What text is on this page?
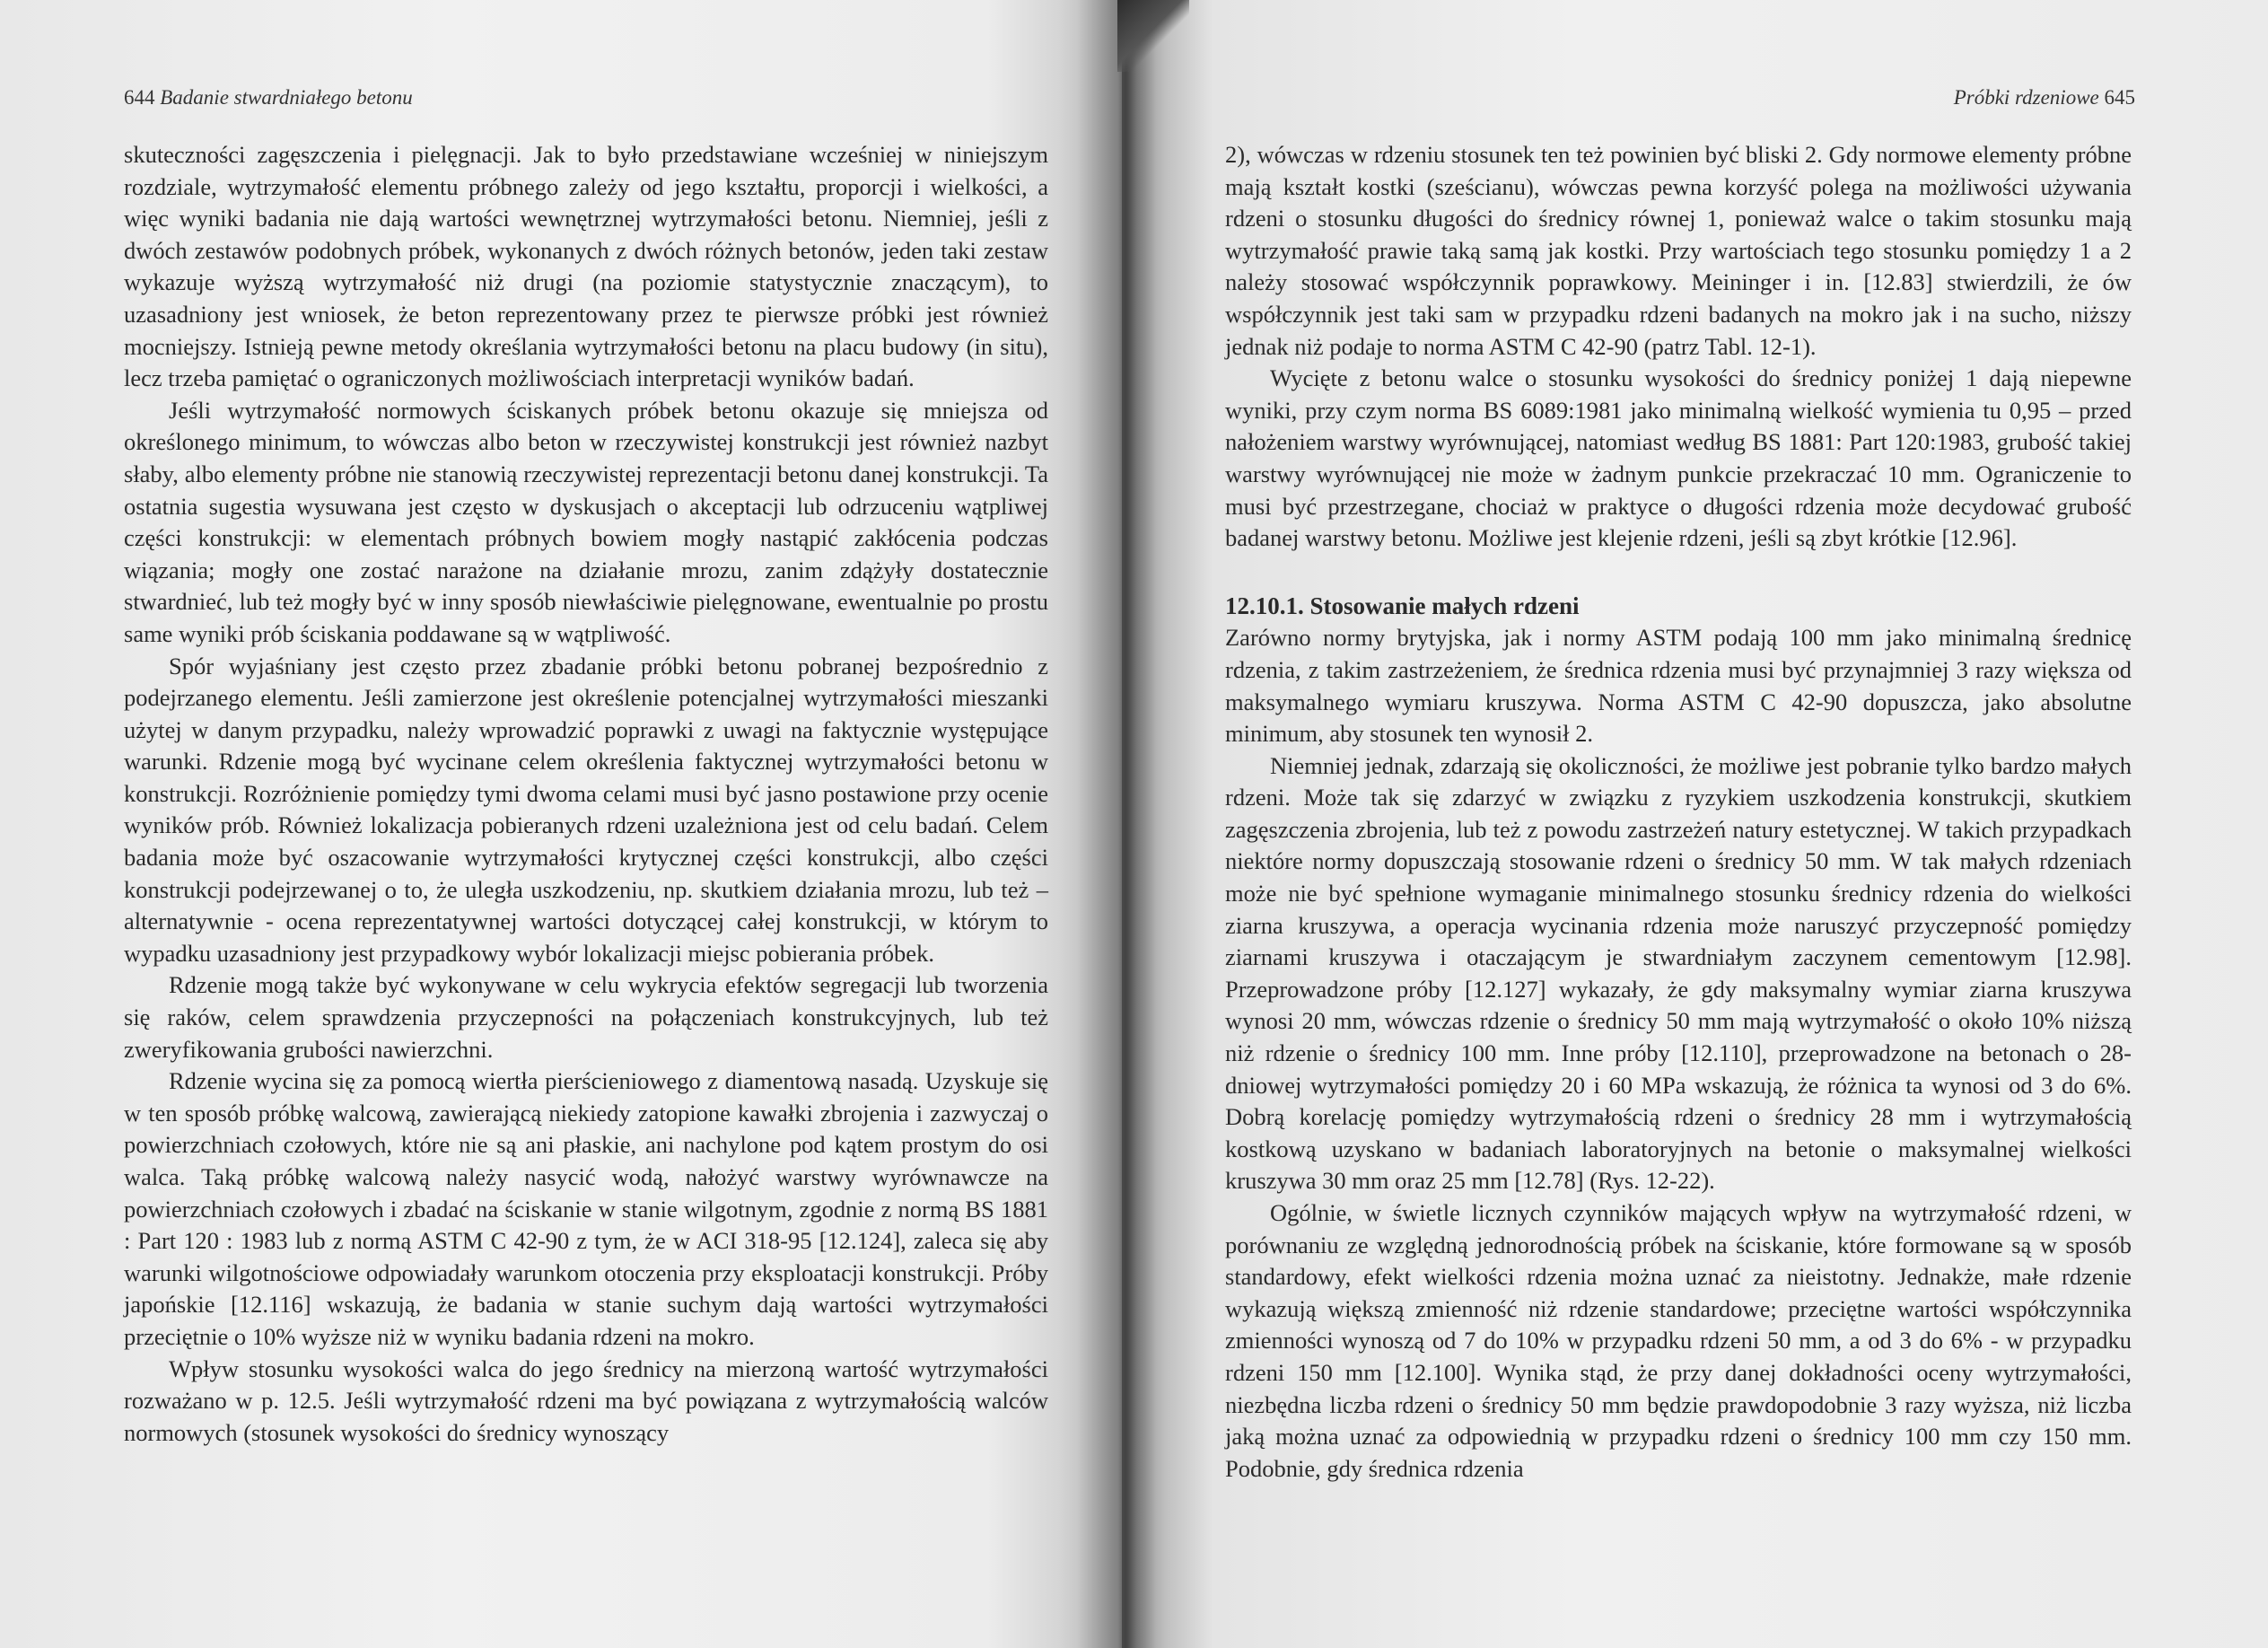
644 Badanie stwardniałego betonu

skuteczności zagęszczenia i pielęgnacji. Jak to było przedstawiane wcześniej w niniejszym rozdziale, wytrzymałość elementu próbnego zależy od jego kształtu, proporcji i wielkości, a więc wyniki badania nie dają wartości wewnętrznej wytrzymałości betonu. Niemniej, jeśli z dwóch zestawów podobnych próbek, wykonanych z dwóch różnych betonów, jeden taki zestaw wykazuje wyższą wytrzymałość niż drugi (na poziomie statystycznie znaczącym), to uzasadniony jest wniosek, że beton reprezentowany przez te pierwsze próbki jest również mocniejszy. Istnieją pewne metody określania wytrzymałości betonu na placu budowy (in situ), lecz trzeba pamiętać o ograniczonych możliwościach interpretacji wyników badań.

Jeśli wytrzymałość normowych ściskanych próbek betonu okazuje się mniejsza od określonego minimum, to wówczas albo beton w rzeczywistej konstrukcji jest również nazbyt słaby, albo elementy próbne nie stanowią rzeczywistej reprezentacji betonu danej konstrukcji. Ta ostatnia sugestia wysuwana jest często w dyskusjach o akceptacji lub odrzuceniu wątpliwej części konstrukcji: w elementach próbnych bowiem mogły nastąpić zakłócenia podczas wiązania; mogły one zostać narażone na działanie mrozu, zanim zdążyły dostatecznie stwardnieć, lub też mogły być w inny sposób niewłaściwie pielęgnowane, ewentualnie po prostu same wyniki prób ściskania poddawane są w wątpliwość.

Spór wyjaśniany jest często przez zbadanie próbki betonu pobranej bezpośrednio z podejrzanego elementu. Jeśli zamierzone jest określenie potencjalnej wytrzymałości mieszanki użytej w danym przypadku, należy wprowadzić poprawki z uwagi na faktycznie występujące warunki. Rdzenie mogą być wycinane celem określenia faktycznej wytrzymałości betonu w konstrukcji. Rozróżnienie pomiędzy tymi dwoma celami musi być jasno postawione przy ocenie wyników prób. Również lokalizacja pobieranych rdzeni uzależniona jest od celu badań. Celem badania może być oszacowanie wytrzymałości krytycznej części konstrukcji, albo części konstrukcji podejrzewanej o to, że uległa uszkodzeniu, np. skutkiem działania mrozu, lub też – alternatywnie - ocena reprezentatywnej wartości dotyczącej całej konstrukcji, w którym to wypadku uzasadniony jest przypadkowy wybór lokalizacji miejsc pobierania próbek.

Rdzenie mogą także być wykonywane w celu wykrycia efektów segregacji lub tworzenia się raków, celem sprawdzenia przyczepności na połączeniach konstrukcyjnych, lub też zweryfikowania grubości nawierzchni.

Rdzenie wycina się za pomocą wiertła pierścieniowego z diamentową nasadą. Uzyskuje się w ten sposób próbkę walcową, zawierającą niekiedy zatopione kawałki zbrojenia i zazwyczaj o powierzchniach czołowych, które nie są ani płaskie, ani nachylone pod kątem prostym do osi walca. Taką próbkę walcową należy nasycić wodą, nałożyć warstwy wyrównawcze na powierzchniach czołowych i zbadać na ściskanie w stanie wilgotnym, zgodnie z normą BS 1881 : Part 120 : 1983 lub z normą ASTM C 42-90 z tym, że w ACI 318-95 [12.124], zaleca się aby warunki wilgotnościowe odpowiadały warunkom otoczenia przy eksploatacji konstrukcji. Próby japońskie [12.116] wskazują, że badania w stanie suchym dają wartości wytrzymałości przeciętnie o 10% wyższe niż w wyniku badania rdzeni na mokro.

Wpływ stosunku wysokości walca do jego średnicy na mierzoną wartość wytrzymałości rozważano w p. 12.5. Jeśli wytrzymałość rdzeni ma być powiązana z wytrzymałością walców normowych (stosunek wysokości do średnicy wynoszący

Próbki rdzeniowe 645

2), wówczas w rdzeniu stosunek ten też powinien być bliski 2. Gdy normowe elementy próbne mają kształt kostki (sześcianu), wówczas pewna korzyść polega na możliwości używania rdzeni o stosunku długości do średnicy równej 1, ponieważ walce o takim stosunku mają wytrzymałość prawie taką samą jak kostki. Przy wartościach tego stosunku pomiędzy 1 a 2 należy stosować współczynnik poprawkowy. Meininger i in. [12.83] stwierdzili, że ów współczynnik jest taki sam w przypadku rdzeni badanych na mokro jak i na sucho, niższy jednak niż podaje to norma ASTM C 42-90 (patrz Tabl. 12-1).

Wycięte z betonu walce o stosunku wysokości do średnicy poniżej 1 dają niepewne wyniki, przy czym norma BS 6089:1981 jako minimalną wielkość wymienia tu 0,95 – przed nałożeniem warstwy wyrównującej, natomiast według BS 1881: Part 120:1983, grubość takiej warstwy wyrównującej nie może w żadnym punkcie przekraczać 10 mm. Ograniczenie to musi być przestrzegane, chociaż w praktyce o długości rdzenia może decydować grubość badanej warstwy betonu. Możliwe jest klejenie rdzeni, jeśli są zbyt krótkie [12.96].

12.10.1. Stosowanie małych rdzeni

Zarówno normy brytyjska, jak i normy ASTM podają 100 mm jako minimalną średnicę rdzenia, z takim zastrzeżeniem, że średnica rdzenia musi być przynajmniej 3 razy większa od maksymalnego wymiaru kruszywa. Norma ASTM C 42-90 dopuszcza, jako absolutne minimum, aby stosunek ten wynosił 2.

Niemniej jednak, zdarzają się okoliczności, że możliwe jest pobranie tylko bardzo małych rdzeni. Może tak się zdarzyć w związku z ryzykiem uszkodzenia konstrukcji, skutkiem zagęszczenia zbrojenia, lub też z powodu zastrzeżeń natury estetycznej. W takich przypadkach niektóre normy dopuszczają stosowanie rdzeni o średnicy 50 mm. W tak małych rdzeniach może nie być spełnione wymaganie minimalnego stosunku średnicy rdzenia do wielkości ziarna kruszywa, a operacja wycinania rdzenia może naruszyć przyczepność pomiędzy ziarnami kruszywa i otaczającym je stwardniałym zaczynem cementowym [12.98]. Przeprowadzone próby [12.127] wykazały, że gdy maksymalny wymiar ziarna kruszywa wynosi 20 mm, wówczas rdzenie o średnicy 50 mm mają wytrzymałość o około 10% niższą niż rdzenie o średnicy 100 mm. Inne próby [12.110], przeprowadzone na betonach o 28-dniowej wytrzymałości pomiędzy 20 i 60 MPa wskazują, że różnica ta wynosi od 3 do 6%. Dobrą korelację pomiędzy wytrzymałością rdzeni o średnicy 28 mm i wytrzymałością kostkową uzyskano w badaniach laboratoryjnych na betonie o maksymalnej wielkości kruszywa 30 mm oraz 25 mm [12.78] (Rys. 12-22).

Ogólnie, w świetle licznych czynników mających wpływ na wytrzymałość rdzeni, w porównaniu ze względną jednorodnością próbek na ściskanie, które formowane są w sposób standardowy, efekt wielkości rdzenia można uznać za nieistotny. Jednakże, małe rdzenie wykazują większą zmienność niż rdzenie standardowe; przeciętne wartości współczynnika zmienności wynoszą od 7 do 10% w przypadku rdzeni 50 mm, a od 3 do 6% - w przypadku rdzeni 150 mm [12.100]. Wynika stąd, że przy danej dokładności oceny wytrzymałości, niezbędna liczba rdzeni o średnicy 50 mm będzie prawdopodobnie 3 razy wyższa, niż liczba jaką można uznać za odpowiednią w przypadku rdzeni o średnicy 100 mm czy 150 mm. Podobnie, gdy średnica rdzenia
